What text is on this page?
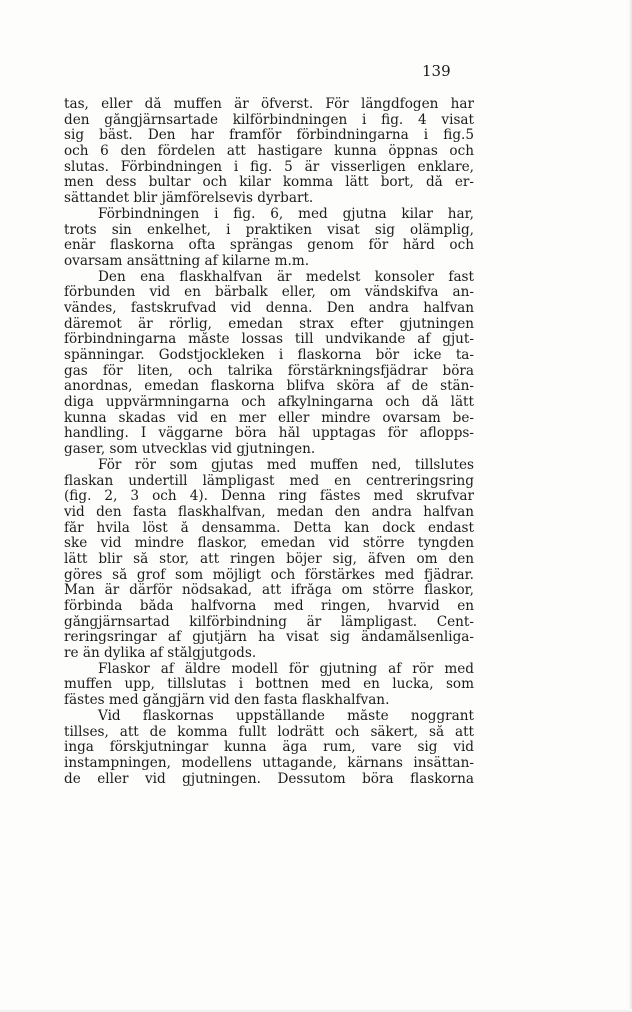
139
tas, eller då muffen är öfverst. För längdfogen har
den gångjärnsartade kilförbindningen i fig. 4 visat
sig bäst. Den har framför förbindningarna i fig.5
och 6 den fördelen att hastigare kunna öppnas och
slutas. Förbindningen i fig. 5 är visserligen enklare,
men dess bultar och kilar komma lätt bort, då er-
sättandet blir jämförelsevis dyrbart.
Förbindningen i fig. 6, med gjutna kilar har,
trots sin enkelhet, i praktiken visat sig olämplig,
enär flaskorna ofta sprängas genom för hård och
ovarsam ansättning af kilarne m.m.
Den ena flaskhalfvan är medelst konsoler fast
förbunden vid en bärbalk eller, om vändskifva an-
vändes, fastskrufvad vid denna. Den andra halfvan
däremot är rörlig, emedan strax efter gjutningen
förbindningarna måste lossas till undvikande af gjut-
spänningar. Godstjockleken i flaskorna bör icke ta-
gas för liten, och talrika förstärkningsfjädrar böra
anordnas, emedan flaskorna blifva sköra af de stän-
diga uppvärmningarna och afkylningarna och då lätt
kunna skadas vid en mer eller mindre ovarsam be-
handling. I väggarne böra hål upptagas för aflopps-
gaser, som utvecklas vid gjutningen.
För rör som gjutas med muffen ned, tillslutes
flaskan undertill lämpligast med en centreringsring
(fig. 2, 3 och 4). Denna ring fästes med skrufvar
vid den fasta flaskhalfvan, medan den andra halfvan
får hvila löst å densamma. Detta kan dock endast
ske vid mindre flaskor, emedan vid större tyngden
lätt blir så stor, att ringen böjer sig, äfven om den
göres så grof som möjligt och förstärkes med fjädrar.
Man är därför nödsakad, att ifråga om större flaskor,
förbinda båda halfvorna med ringen, hvarvid en
gångjärnsartad kilförbindning är lämpligast. Cent-
reringsringar af gjutjärn ha visat sig ändamålsenliga-
re än dylika af stålgjutgods.
Flaskor af äldre modell för gjutning af rör med
muffen upp, tillslutas i bottnen med en lucka, som
fästes med gångjärn vid den fasta flaskhalfvan.
Vid flaskornas uppställande måste noggrant
tillses, att de komma fullt lodrätt och säkert, så att
inga förskjutningar kunna äga rum, vare sig vid
instampningen, modellens uttagande, kärnans insättan-
de eller vid gjutningen. Dessutom böra flaskorna
